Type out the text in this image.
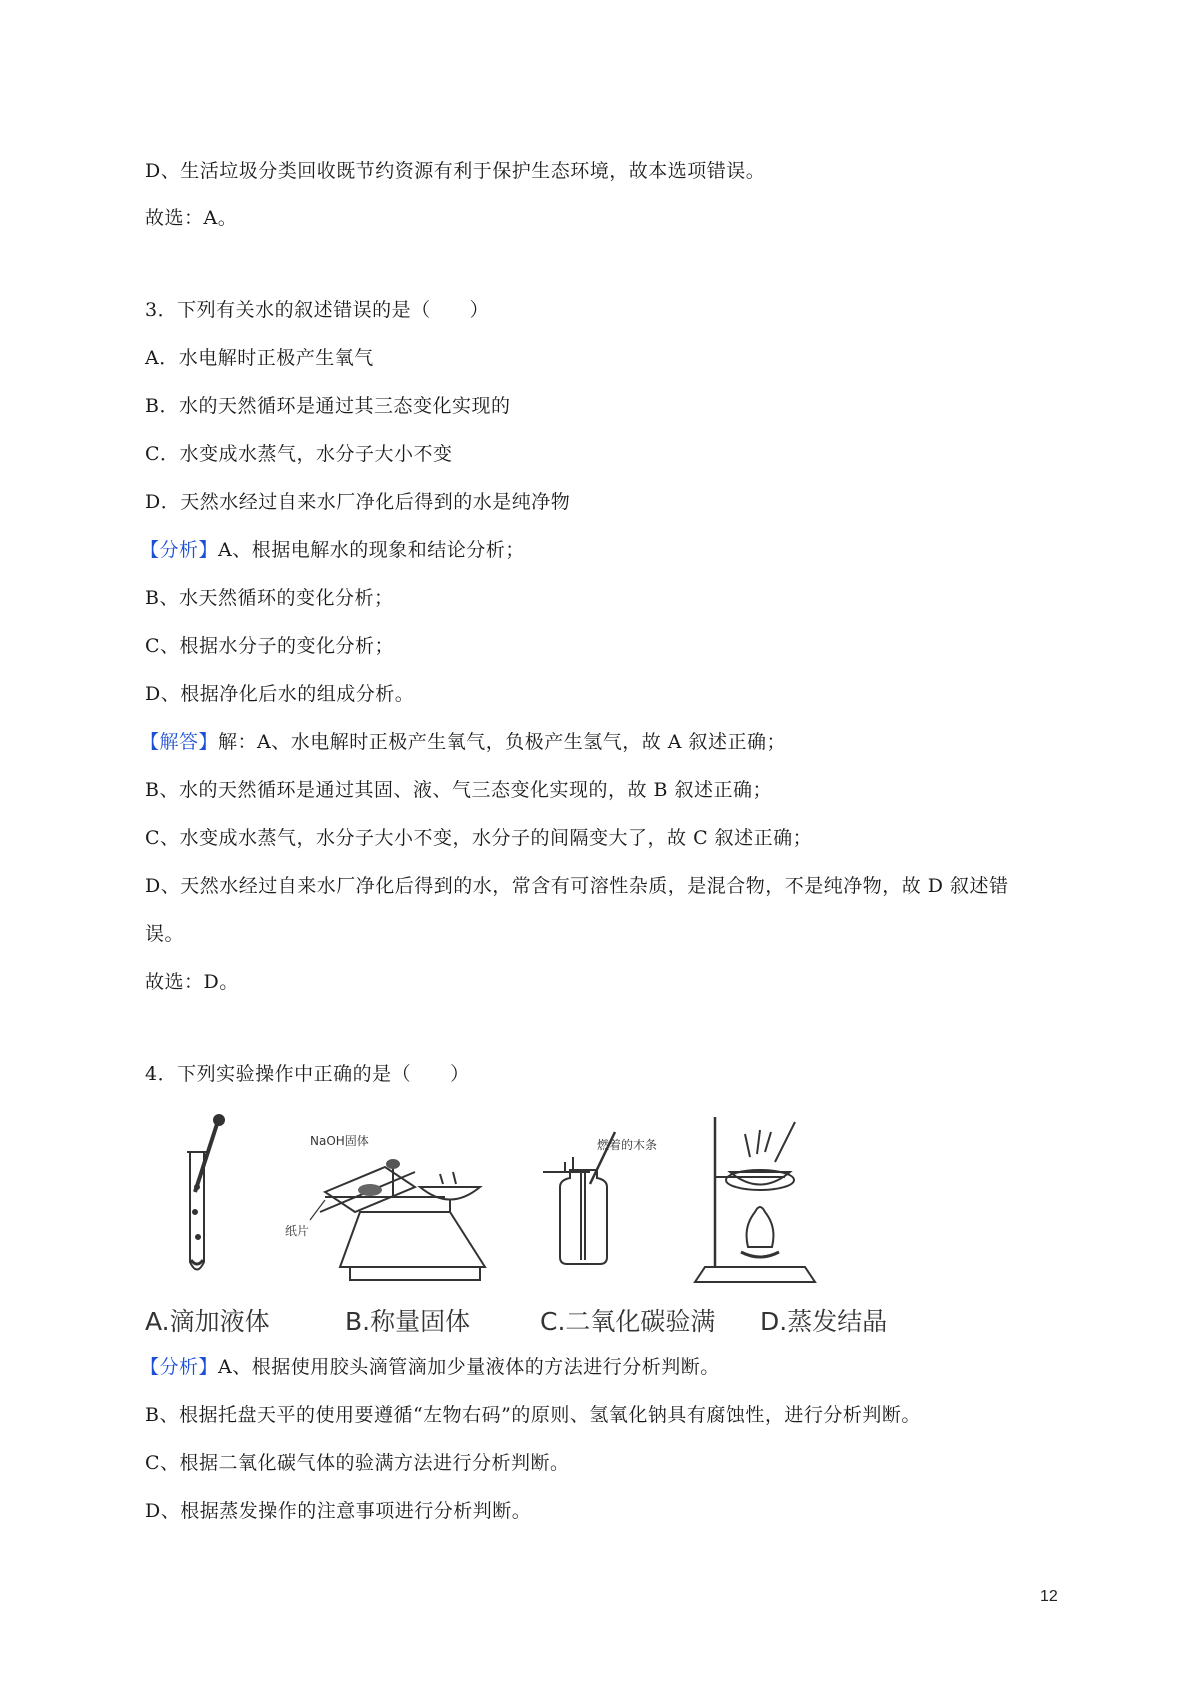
D、生活垃圾分类回收既节约资源有利于保护生态环境，故本选项错误。
故选：A。
3．下列有关水的叙述错误的是（　　）
A．水电解时正极产生氧气
B．水的天然循环是通过其三态变化实现的
C．水变成水蒸气，水分子大小不变
D．天然水经过自来水厂净化后得到的水是纯净物
【分析】A、根据电解水的现象和结论分析；
B、水天然循环的变化分析；
C、根据水分子的变化分析；
D、根据净化后水的组成分析。
【解答】解：A、水电解时正极产生氧气，负极产生氢气，故 A 叙述正确；
B、水的天然循环是通过其固、液、气三态变化实现的，故 B 叙述正确；
C、水变成水蒸气，水分子大小不变，水分子的间隔变大了，故 C 叙述正确；
D、天然水经过自来水厂净化后得到的水，常含有可溶性杂质，是混合物，不是纯净物，故 D 叙述错
误。
故选：D。
4．下列实验操作中正确的是（　　）
NaOH固体
纸片
燃着的木条
A.滴加液体	B.称量固体	C.二氧化碳验满 D.蒸发结晶
【分析】A、根据使用胶头滴管滴加少量液体的方法进行分析判断。
B、根据托盘天平的使用要遵循“左物右码”的原则、氢氧化钠具有腐蚀性，进行分析判断。
C、根据二氧化碳气体的验满方法进行分析判断。
D、根据蒸发操作的注意事项进行分析判断。
12
